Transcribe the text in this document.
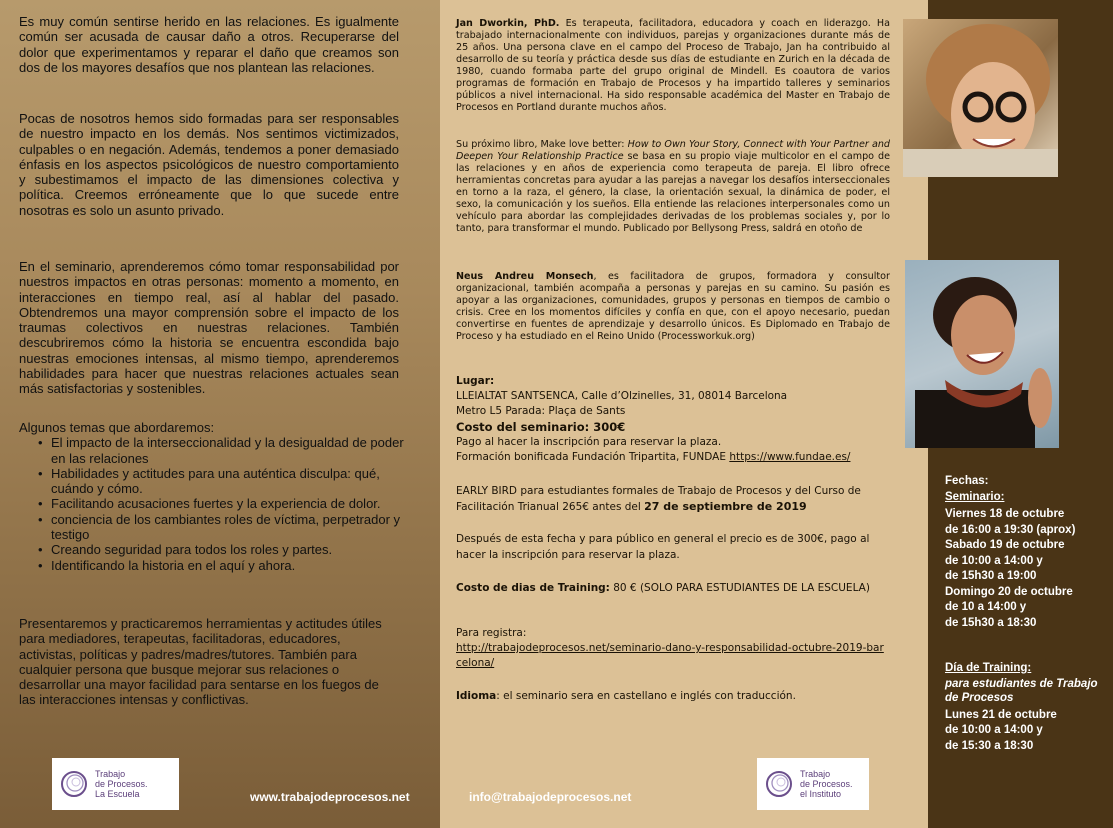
Es muy común sentirse herido en las relaciones. Es igualmente común ser acusada de causar daño a otros. Recuperarse del dolor que experimentamos y reparar el daño que creamos son dos de los mayores desafíos que nos plantean las relaciones.

Pocas de nosotros hemos sido formadas para ser responsables de nuestro impacto en los demás. Nos sentimos victimizados, culpables o en negación. Además, tendemos a poner demasiado énfasis en los aspectos psicológicos de nuestro comportamiento y subestimamos el impacto de las dimensiones colectiva y política. Creemos erróneamente que lo que sucede entre nosotras es solo un asunto privado.

En el seminario, aprenderemos cómo tomar responsabilidad por nuestros impactos en otras personas: momento a momento, en interacciones en tiempo real, así al hablar del pasado. Obtendremos una mayor comprensión sobre el impacto de los traumas colectivos en nuestras relaciones. También descubriremos cómo la historia se encuentra escondida bajo nuestras emociones intensas, al mismo tiempo, aprenderemos habilidades para hacer que nuestras relaciones actuales sean más satisfactorias y sostenibles.

Algunos temas que abordaremos:

• El impacto de la interseccionalidad y la desigualdad de poder en las relaciones
• Habilidades y actitudes para una auténtica disculpa: qué, cuándo y cómo.
• Facilitando acusaciones fuertes y la experiencia de dolor.
• conciencia de los cambiantes roles de víctima, perpetrador y testigo
• Creando seguridad para todos los roles y partes.
• Identificando la historia en el aquí y ahora.

Presentaremos y practicaremos herramientas y actitudes útiles para mediadores, terapeutas, facilitadoras, educadores, activistas, políticas y padres/madres/tutores. También para cualquier persona que busque mejorar sus relaciones o desarrollar una mayor facilidad para sentarse en los fuegos de las interacciones intensas y conflictivas.

Trabajo
de Procesos.
La Escuela	www.trabajodeprocesos.net	info@trabajodeprocesos.net
Trabajo
de Procesos.
el Instituto

Jan Dworkin, PhD. Es terapeuta, facilitadora, educadora y coach en liderazgo. Ha trabajado internacionalmente con individuos, parejas y organizaciones durante más de 25 años. Una persona clave en el campo del Proceso de Trabajo, Jan ha contribuido al desarrollo de su teoría y práctica desde sus días de estudiante en Zurich en la década de 1980, cuando formaba parte del grupo original de Mindell. Es coautora de varios programas de formación en Trabajo de Procesos y ha impartido talleres y seminarios públicos a nivel internacional. Ha sido responsable académica del Master en Trabajo de Procesos en Portland durante muchos años.

Su próximo libro, Make love better: How to Own Your Story, Connect with Your Partner and Deepen Your Relationship Practice se basa en su propio viaje multicolor en el campo de las relaciones y en años de experiencia como terapeuta de pareja. El libro ofrece herramientas concretas para ayudar a las parejas a navegar los desafíos interseccionales en torno a la raza, el género, la clase, la orientación sexual, la dinámica de poder, el sexo, la comunicación y los sueños. Ella entiende las relaciones interpersonales como un vehículo para abordar las complejidades derivadas de los problemas sociales y, por lo tanto, para transformar el mundo. Publicado por Bellysong Press, saldrá en otoño de

Neus Andreu Monsech, es facilitadora de grupos, formadora y consultor organizacional, también acompaña a personas y parejas en su camino. Su pasión es apoyar a las organizaciones, comunidades, grupos y personas en tiempos de cambio o crisis. Cree en los momentos difíciles y confía en que, con el apoyo necesario, puedan convertirse en fuentes de aprendizaje y desarrollo únicos. Es Diplomado en Trabajo de Proceso y ha estudiado en el Reino Unido (Processworkuk.org)

Lugar:
LLEIALTAT SANTSENCA, Calle d’Olzinelles, 31, 08014 Barcelona
Metro L5 Parada: Plaça de Sants
Costo del seminario: 300€
Pago al hacer la inscripción para reservar la plaza.
Formación bonificada Fundación Tripartita, FUNDAE https://www.fundae.es/

EARLY BIRD para estudiantes formales de Trabajo de Procesos y del Curso de Facilitación Trianual 265€ antes del 27 de septiembre de 2019

Después de esta fecha y para público en general el precio es de 300€, pago al hacer la inscripción para reservar la plaza.

Costo de dias de Training: 80 € (SOLO PARA ESTUDIANTES DE LA ESCUELA)

Para registra:
http://trabajodeprocesos.net/seminario-dano-y-responsabilidad-octubre-2019-barcelona/

Idioma: el seminario sera en castellano e inglés con traducción.

Fechas:
Seminario:
Viernes 18 de octubre
de 16:00 a 19:30 (aprox)
Sabado 19 de octubre
de 10:00 a 14:00 y
de 15h30 a 19:00
Domingo 20 de octubre
de 10 a 14:00 y
de 15h30 a 18:30
Día de Training:
para estudiantes de Trabajo de Procesos
Lunes 21 de octubre
de 10:00 a 14:00 y
de 15:30 a 18:30
